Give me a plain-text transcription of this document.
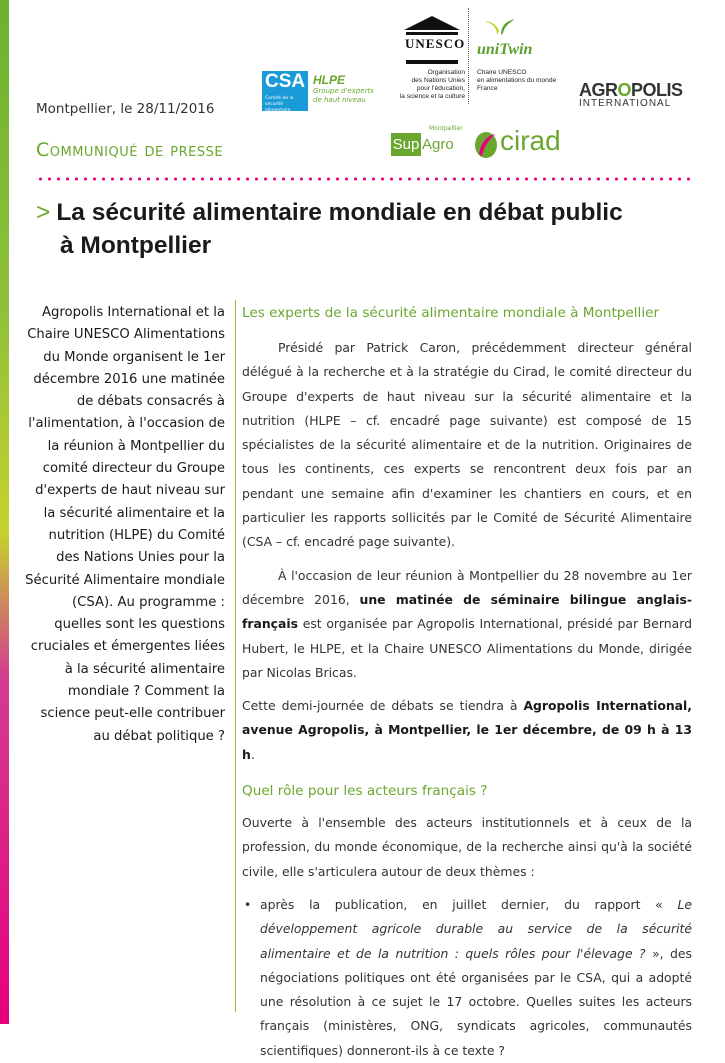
CSA
Comité de la sécurité alimentaire mondiale
HLPE
Groupe d'experts de haut niveau
UNESCO
Organisation
des Nations Unies
pour l'éducation,
la science et la culture
uniTwin
Chaire UNESCO
en alimentations du monde
France	AGROPOLIS
INTERNATIONAL
Montpellier
Sup Agro cirad
Montpellier, le 28/11/2016
Communiqué de presse
> La sécurité alimentaire mondiale en débat public
à Montpellier
Agropolis International et la Chaire UNESCO Alimentations du Monde organisent le 1er décembre 2016 une matinée de débats consacrés à l'alimentation, à l'occasion de la réunion à Montpellier du comité directeur du Groupe d'experts de haut niveau sur la sécurité alimentaire et la nutrition (HLPE) du Comité des Nations Unies pour la Sécurité Alimentaire mondiale (CSA). Au programme : quelles sont les questions cruciales et émergentes liées à la sécurité alimentaire mondiale ? Comment la science peut-elle contribuer au débat politique ?
Les experts de la sécurité alimentaire mondiale à Montpellier

Présidé par Patrick Caron, précédemment directeur général délégué à la recherche et à la stratégie du Cirad, le comité directeur du Groupe d'experts de haut niveau sur la sécurité alimentaire et la nutrition (HLPE – cf. encadré page suivante) est composé de 15 spécialistes de la sécurité alimentaire et de la nutrition. Originaires de tous les continents, ces experts se rencontrent deux fois par an pendant une semaine afin d'examiner les chantiers en cours, et en particulier les rapports sollicités par le Comité de Sécurité Alimentaire (CSA – cf. encadré page suivante).

À l'occasion de leur réunion à Montpellier du 28 novembre au 1er décembre 2016, une matinée de séminaire bilingue anglais-français est organisée par Agropolis International, présidé par Bernard Hubert, le HLPE, et la Chaire UNESCO Alimentations du Monde, dirigée par Nicolas Bricas.

Cette demi-journée de débats se tiendra à Agropolis International, avenue Agropolis, à Montpellier, le 1er décembre, de 09 h à 13 h.

Quel rôle pour les acteurs français ?

Ouverte à l'ensemble des acteurs institutionnels et à ceux de la profession, du monde économique, de la recherche ainsi qu'à la société civile, elle s'articulera autour de deux thèmes :

• après la publication, en juillet dernier, du rapport « Le développement agricole durable au service de la sécurité alimentaire et de la nutrition : quels rôles pour l'élevage ? », des négociations politiques ont été organisées par le CSA, qui a adopté une résolution à ce sujet le 17 octobre. Quelles suites les acteurs français (ministères, ONG, syndicats agricoles, communautés scientifiques) donneront-ils à ce texte ?
